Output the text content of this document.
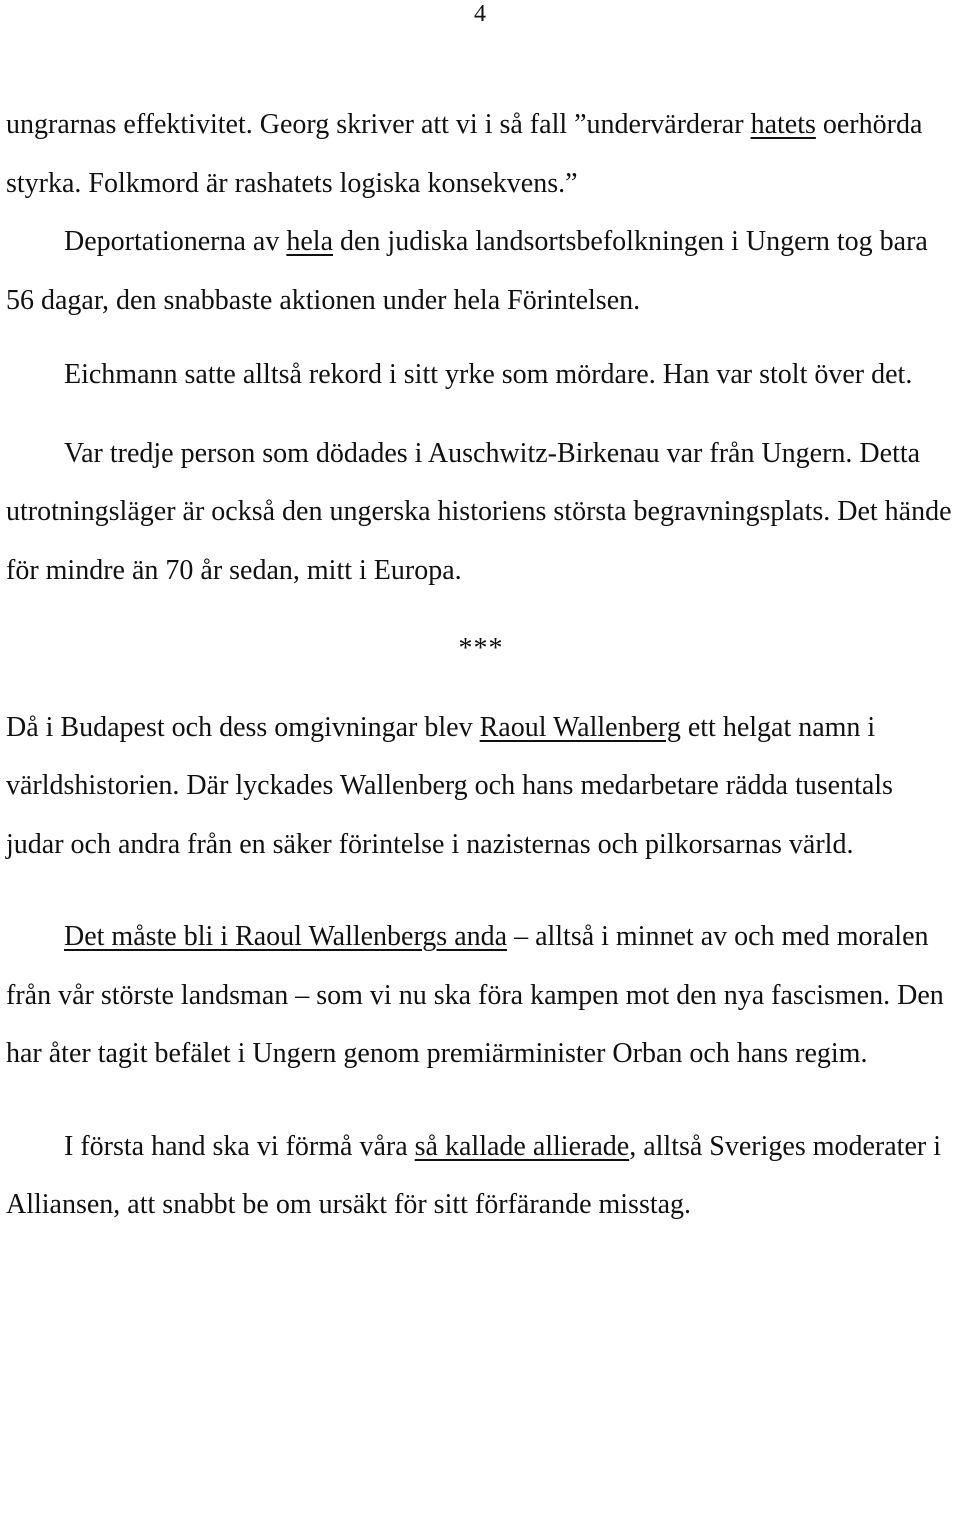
4

ungrarnas effektivitet. Georg skriver att vi i så fall ”undervärderar hatets oerhörda styrka. Folkmord är rashatets logiska konsekvens.”

Deportationerna av hela den judiska landsortsbefolkningen i Ungern tog bara 56 dagar, den snabbaste aktionen under hela Förintelsen.

Eichmann satte alltså rekord i sitt yrke som mördare. Han var stolt över det.

Var tredje person som dödades i Auschwitz-Birkenau var från Ungern. Detta utrotningsläger är också den ungerska historiens största begravningsplats. Det hände för mindre än 70 år sedan, mitt i Europa.

***

Då i Budapest och dess omgivningar blev Raoul Wallenberg ett helgat namn i världshistorien. Där lyckades Wallenberg och hans medarbetare rädda tusentals judar och andra från en säker förintelse i nazisternas och pilkorsarnas värld.

Det måste bli i Raoul Wallenbergs anda – alltså i minnet av och med moralen från vår störste landsman – som vi nu ska föra kampen mot den nya fascismen. Den har åter tagit befälet i Ungern genom premiärminister Orban och hans regim.

I första hand ska vi förmå våra så kallade allierade, alltså Sveriges moderater i Alliansen, att snabbt be om ursäkt för sitt förfärande misstag.
